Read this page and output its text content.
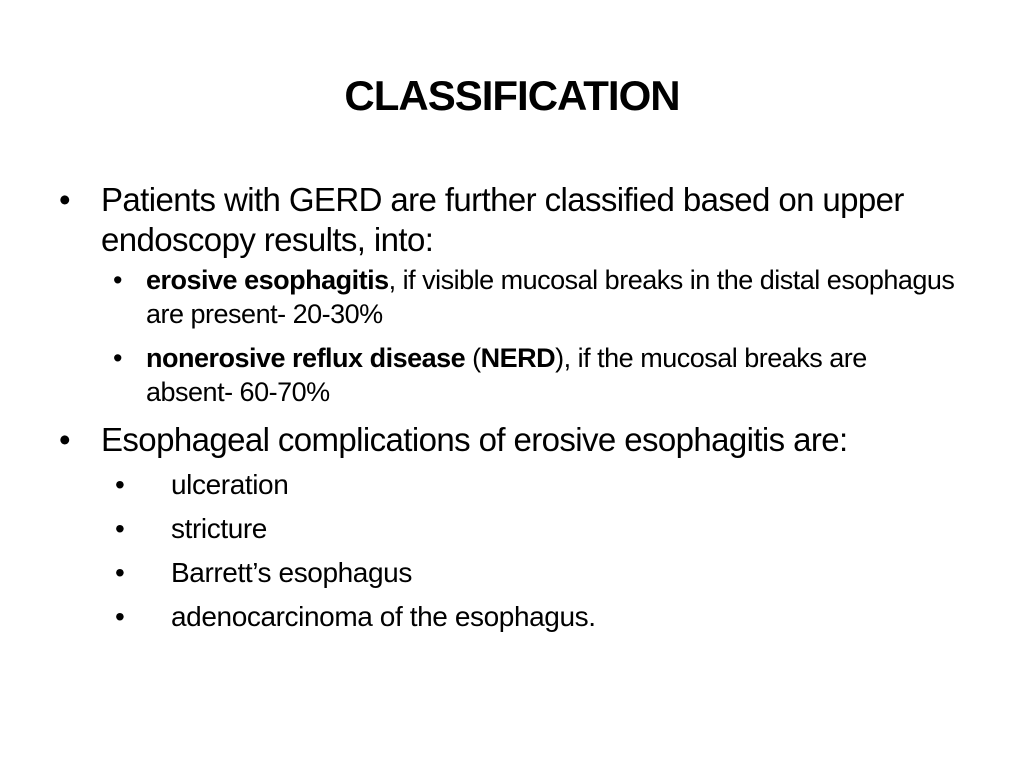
CLASSIFICATION
• Patients with GERD are further classified based on upper endoscopy results, into:
• erosive esophagitis, if visible mucosal breaks in the distal esophagus are present- 20-30%
• nonerosive reflux disease (NERD), if the mucosal breaks are absent- 60-70%
• Esophageal complications of erosive esophagitis are:
• ulceration
• stricture
• Barrett’s esophagus
• adenocarcinoma of the esophagus.
